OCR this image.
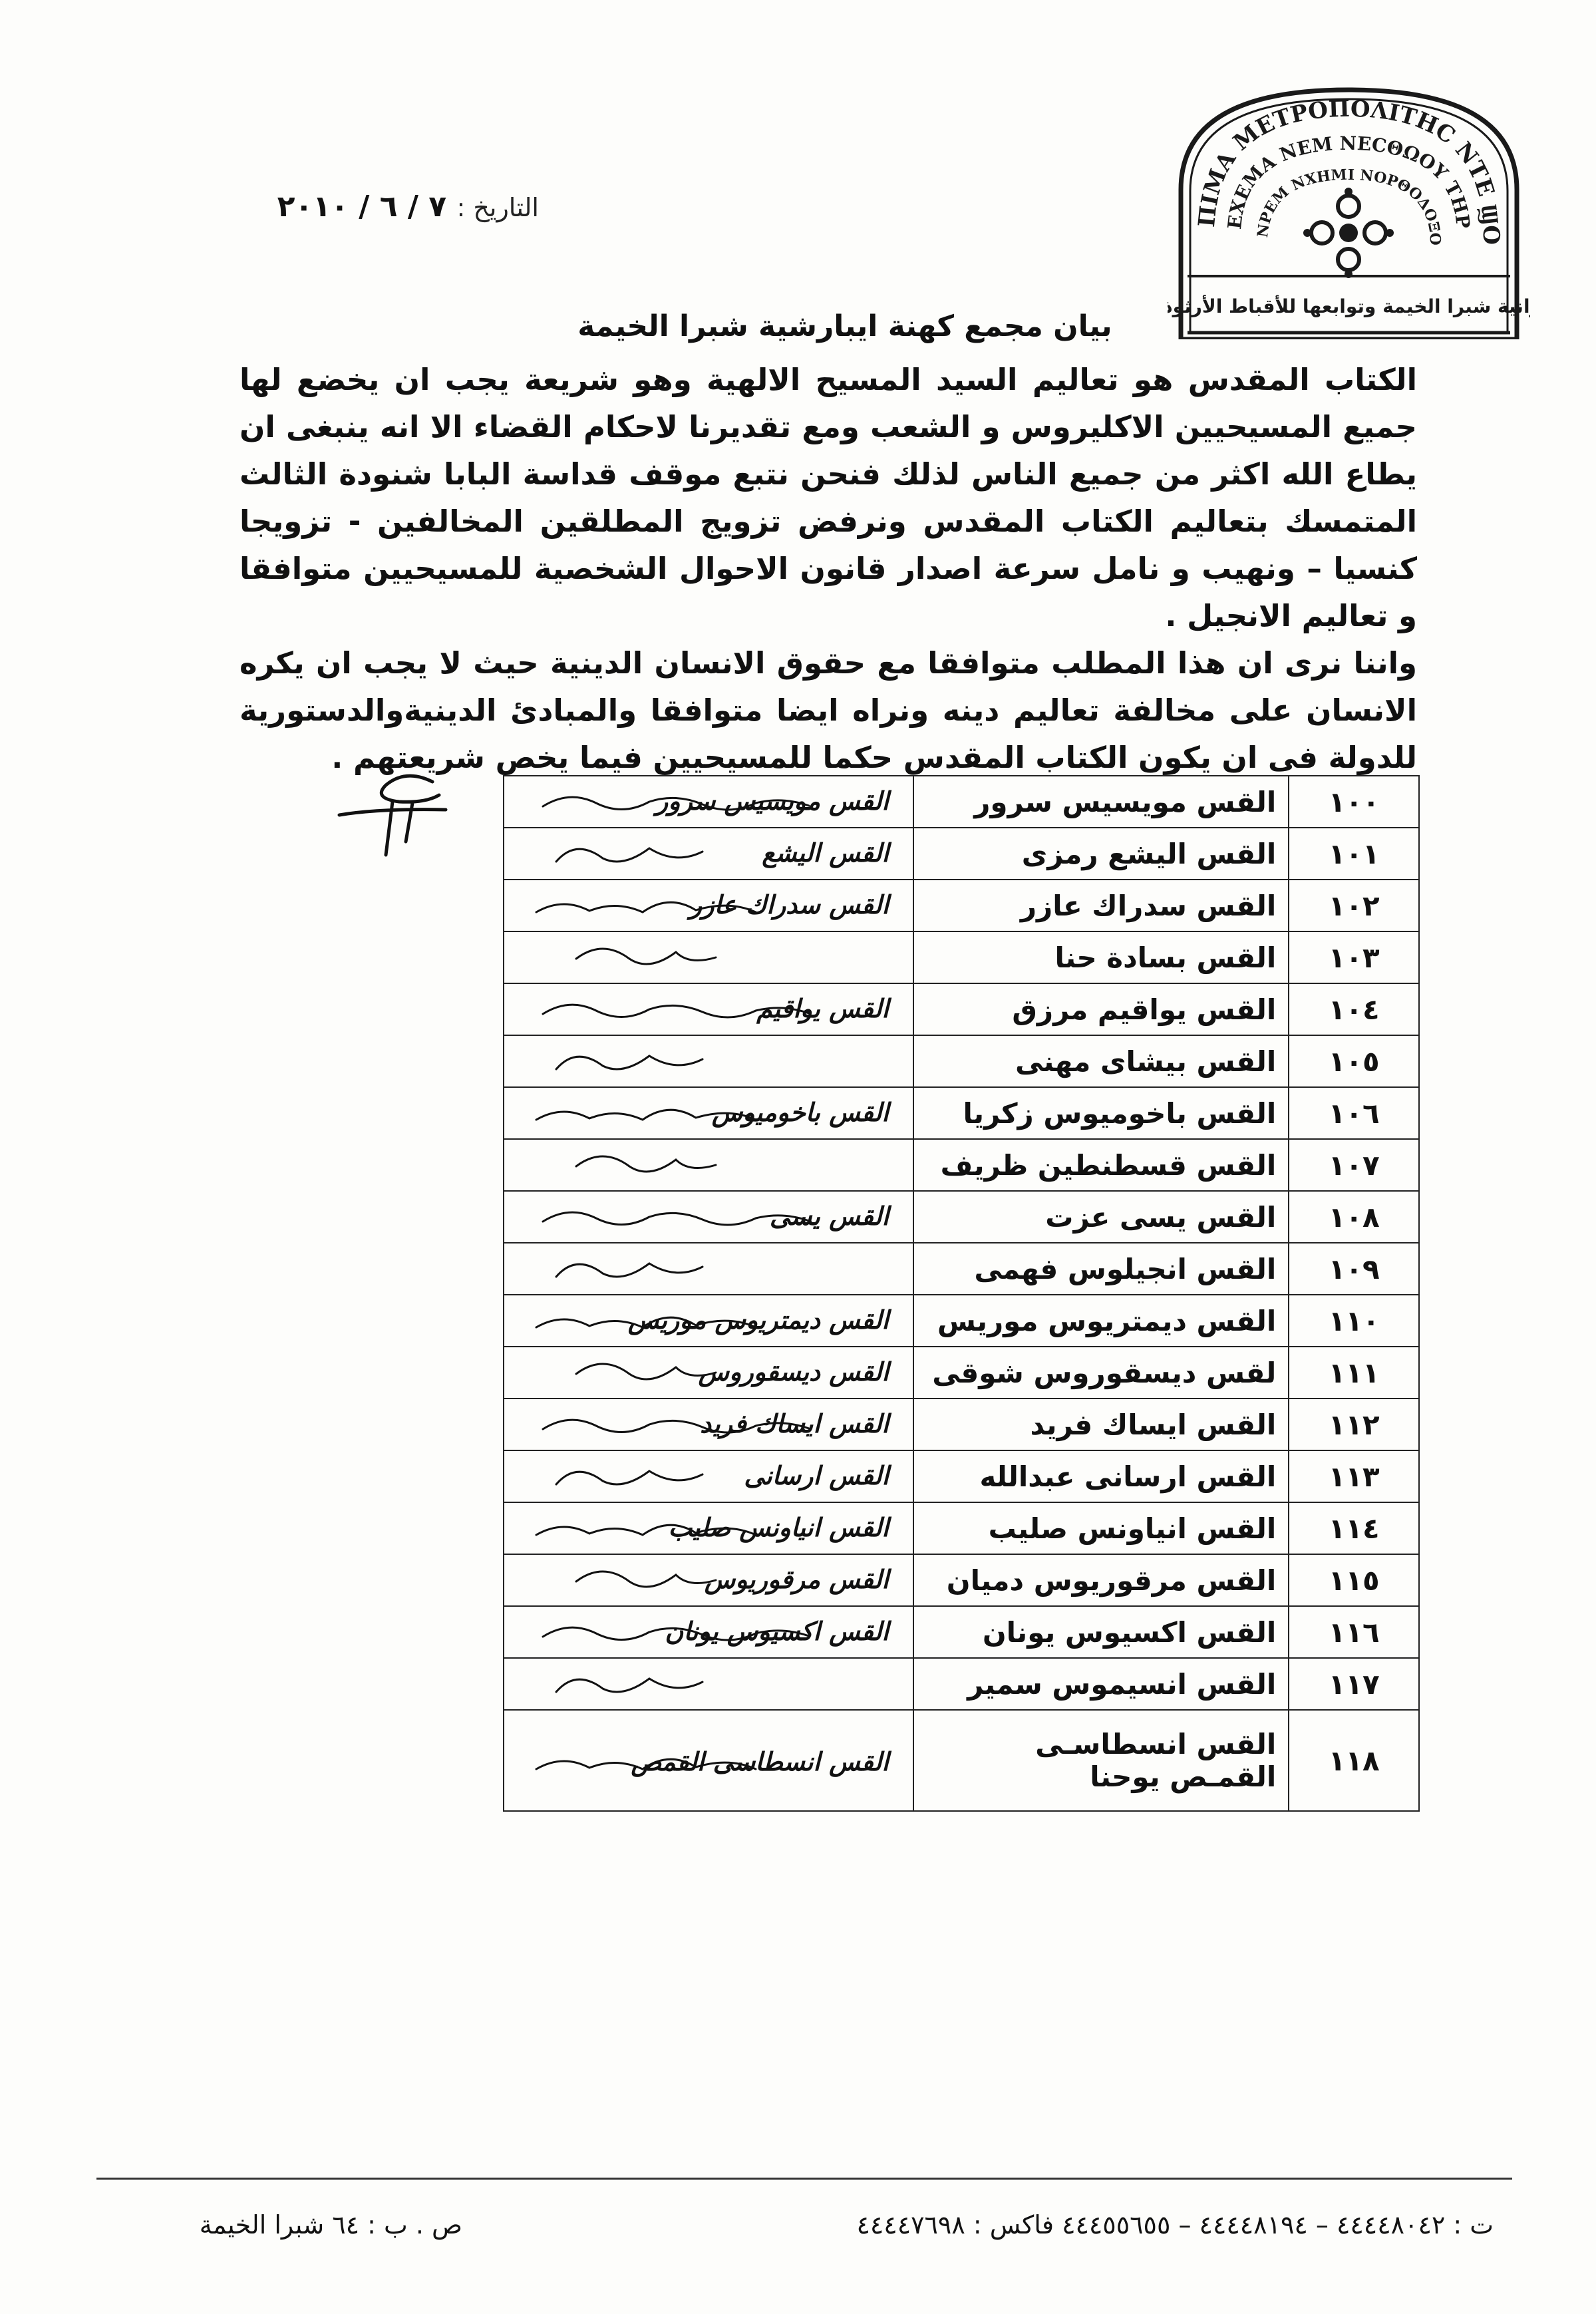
التاريخ : ٧ / ٦ / ٢٠١٠	ΠΙΜΑ ΜΕΤΡΟΠΟΛΙΤΗC ΝΤΕ ϢΟ
ΕΧΕΜΑ ΝΕΜ ΝΕCΘΩΟΥ ΤΗΡ
ΝΡΕΜ ΝΧΗΜΙ ΝΟΡΘΟΔΟΞΟ
انية شبرا الخيمة وتوابعها للأقباط الأرثوذ
بيان مجمع كهنة ايبارشية شبرا الخيمة

الكتاب المقدس هو تعاليم السيد المسيح الالهية وهو شريعة يجب ان يخضع لها جميع المسيحيين الاكليروس و الشعب ومع تقديرنا لاحكام القضاء الا انه ينبغى ان يطاع الله اكثر من جميع الناس لذلك فنحن نتبع موقف قداسة البابا شنودة الثالث المتمسك بتعاليم الكتاب المقدس ونرفض تزويج المطلقين المخالفين - تزويجا كنسيا – ونهيب و نامل سرعة اصدار قانون الاحوال الشخصية للمسيحيين متوافقا و تعاليم الانجيل .

واننا نرى ان هذا المطلب متوافقا مع حقوق الانسان الدينية حيث لا يجب ان يكره الانسان على مخالفة تعاليم دينه ونراه ايضا متوافقا والمبادئ الدينيةوالدستورية للدولة فى ان يكون الكتاب المقدس حكما للمسيحيين فيما يخص شريعتهم .

١٠٠	القس مويسيس سرور	القس مويسيس سرور

١٠١	القس اليشع رمزى	القس اليشع

١٠٢	القس سدراك عازر	القس سدراك عازر

١٠٣	القس بسادة حنا	

١٠٤	القس يواقيم مرزق	القس يواقيم

١٠٥	القس بيشاى مهنى	

١٠٦	القس باخوميوس زكريا	القس باخوميوس

١٠٧	القس قسطنطين ظريف	

١٠٨	القس يسى عزت	القس يسى

١٠٩	القس انجيلوس فهمى	

١١٠	القس ديمتريوس موريس	القس ديمتريوس موريس

١١١	لقس ديسقوروس شوقى	القس ديسقوروس

١١٢	القس ايساك فريد	القس ايساك فريد

١١٣	القس ارسانى عبدالله	القس ارسانى

١١٤	القس انياونس صليب	القس انياونس صليب

١١٥	القس مرقوريوس دميان	القس مرقوريوس

١١٦	القس اكسيوس يونان	القس اكسيوس يونان

١١٧	القس انسيموس سمير	

١١٨	القس انسطاسـى القمـص يوحنا	القس انسطاسى القمص
ت : ٤٤٤٤٨٠٤٢ – ٤٤٤٤٨١٩٤ – ٤٤٤٥٥٦٥٥ فاكس : ٤٤٤٤٧٦٩٨
ص . ب : ٦٤ شبرا الخيمة
